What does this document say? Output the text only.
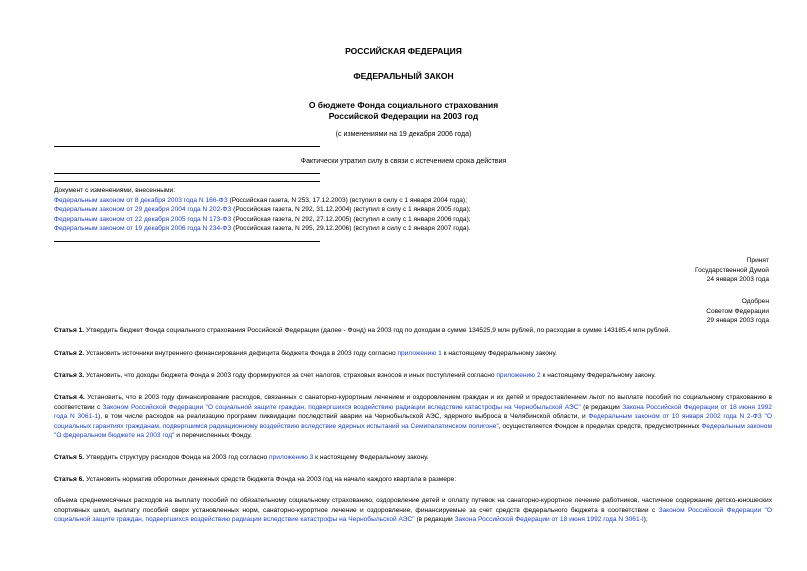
РОССИЙСКАЯ ФЕДЕРАЦИЯ
ФЕДЕРАЛЬНЫЙ ЗАКОН
О бюджете Фонда социального страхования
Российской Федерации на 2003 год
(с изменениями на 19 декабря 2006 года)
Фактически утратил силу в связи с истечением срока действия
Документ с изменениями, внесенными:
Федеральным законом от 8 декабря 2003 года N 166-ФЗ (Российская газета, N 253, 17.12.2003) (вступил в силу с 1 января 2004 года);
Федеральным законом от 29 декабря 2004 года N 202-ФЗ (Российская газета, N 292, 31.12.2004) (вступил в силу с 1 января 2005 года);
Федеральным законом от 22 декабря 2005 года N 173-ФЗ (Российская газета, N 292, 27.12.2005) (вступил в силу с 1 января 2006 года);
Федеральным законом от 19 декабря 2006 года N 234-ФЗ (Российская газета, N 295, 29.12.2006) (вступил в силу с 1 января 2007 года).
Принят
Государственной Думой
24 января 2003 года
Одобрен
Советом Федерации
29 января 2003 года
Статья 1. Утвердить бюджет Фонда социального страхования Российской Федерации (далее - Фонд) на 2003 год по доходам в сумме 134525,9 млн рублей, по расходам в сумме 143185,4 млн рублей.
Статья 2. Установить источники внутреннего финансирования дефицита бюджета Фонда в 2003 году согласно приложению 1 к настоящему Федеральному закону.
Статья 3. Установить, что доходы бюджета Фонда в 2003 году формируются за счет налогов, страховых взносов и иных поступлений согласно приложению 2 к настоящему Федеральному закону.
Статья 4. Установить, что в 2003 году финансирование расходов, связанных с санаторно-курортным лечением и оздоровлением граждан и их детей и предоставлением льгот по выплате пособий по социальному страхованию в соответствии с Законом Российской Федерации "О социальной защите граждан, подвергшихся воздействию радиации вследствие катастрофы на Чернобыльской АЭС" (в редакции Закона Российской Федерации от 18 июня 1992 года N 3061-1), в том числе расходов на реализацию программ ликвидации последствий аварии на Чернобыльской АЭС, ядерного выброса в Челябинской области, и Федеральным законом от 10 января 2002 года N 2-ФЗ "О социальных гарантиях гражданам, подвергшимся радиационному воздействию вследствие ядерных испытаний на Семипалатинском полигоне", осуществляется Фондом в пределах средств, предусмотренных Федеральным законом "О федеральном бюджете на 2003 год" и перечисленных Фонду.
Статья 5. Утвердить структуру расходов Фонда на 2003 год согласно приложению 3 к настоящему Федеральному закону.
Статья 6. Установить норматив оборотных денежных средств бюджета Фонда на 2003 год на начало каждого квартала в размере:
объема среднемесячных расходов на выплату пособий по обязательному социальному страхованию, оздоровление детей и оплату путевок на санаторно-курортное лечение работников, частичное содержание детско-юношеских спортивных школ, выплату пособий сверх установленных норм, санаторно-курортное лечение и оздоровление, финансируемые за счет средств федерального бюджета в соответствии с Законом Российской Федерации "О социальной защите граждан, подвергшихся воздействию радиации вследствие катастрофы на Чернобыльской АЭС" (в редакции Закона Российской Федерации от 18 июня 1992 года N 3061-I);
